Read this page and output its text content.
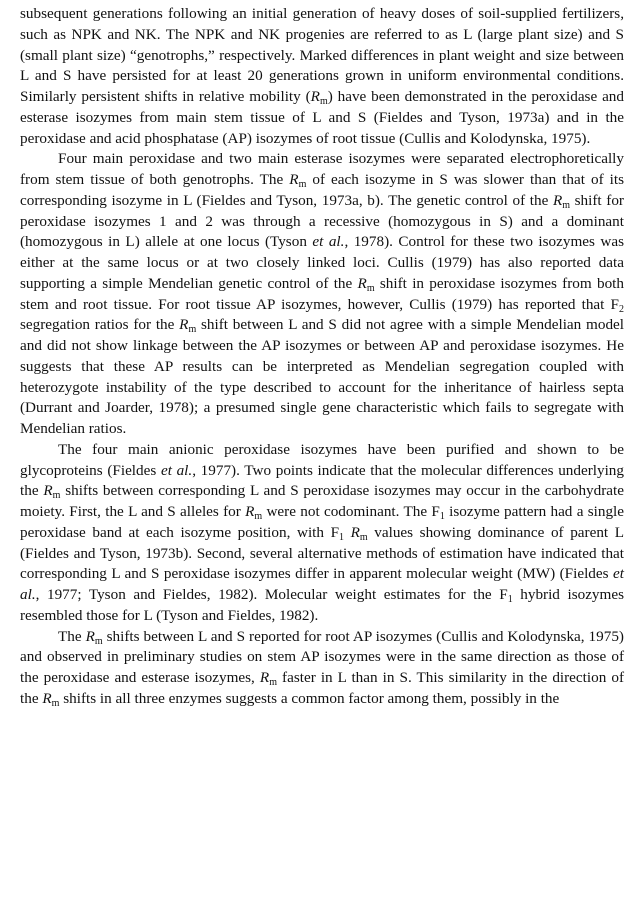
subsequent generations following an initial generation of heavy doses of soil-supplied fertilizers, such as NPK and NK. The NPK and NK progenies are referred to as L (large plant size) and S (small plant size) “genotrophs,” respectively. Marked differences in plant weight and size between L and S have persisted for at least 20 generations grown in uniform environmental conditions. Similarly persistent shifts in relative mobility $(R_m)$ have been demonstrated in the peroxidase and esterase isozymes from main stem tissue of L and S (Fieldes and Tyson, 1973a) and in the peroxidase and acid phosphatase (AP) isozymes of root tissue (Cullis and Kolodynska, 1975).

Four main peroxidase and two main esterase isozymes were separated electrophoretically from stem tissue of both genotrophs. The $R_m$ of each isozyme in S was slower than that of its corresponding isozyme in L (Fieldes and Tyson, 1973a, b). The genetic control of the $R_m$ shift for peroxidase isozymes 1 and 2 was through a recessive (homozygous in S) and a dominant (homozygous in L) allele at one locus (Tyson et al., 1978). Control for these two isozymes was either at the same locus or at two closely linked loci. Cullis (1979) has also reported data supporting a simple Mendelian genetic control of the $R_m$ shift in peroxidase isozymes from both stem and root tissue. For root tissue AP isozymes, however, Cullis (1979) has reported that $F_2$ segregation ratios for the $R_m$ shift between L and S did not agree with a simple Mendelian model and did not show linkage between the AP isozymes or between AP and peroxidase isozymes. He suggests that these AP results can be interpreted as Mendelian segregation coupled with heterozygote instability of the type described to account for the inheritance of hairless septa (Durrant and Joarder, 1978); a presumed single gene characteristic which fails to segregate with Mendelian ratios.

The four main anionic peroxidase isozymes have been purified and shown to be glycoproteins (Fieldes et al., 1977). Two points indicate that the molecular differences underlying the $R_m$ shifts between corresponding L and S peroxidase isozymes may occur in the carbohydrate moiety. First, the L and S alleles for $R_m$ were not codominant. The $F_1$ isozyme pattern had a single peroxidase band at each isozyme position, with $F_1$ $R_m$ values showing dominance of parent L (Fieldes and Tyson, 1973b). Second, several alternative methods of estimation have indicated that corresponding L and S peroxidase isozymes differ in apparent molecular weight (MW) (Fieldes et al., 1977; Tyson and Fieldes, 1982). Molecular weight estimates for the $F_1$ hybrid isozymes resembled those for L (Tyson and Fieldes, 1982).

The $R_m$ shifts between L and S reported for root AP isozymes (Cullis and Kolodynska, 1975) and observed in preliminary studies on stem AP isozymes were in the same direction as those of the peroxidase and esterase isozymes, $R_m$ faster in L than in S. This similarity in the direction of the $R_m$ shifts in all three enzymes suggests a common factor among them, possibly in the
